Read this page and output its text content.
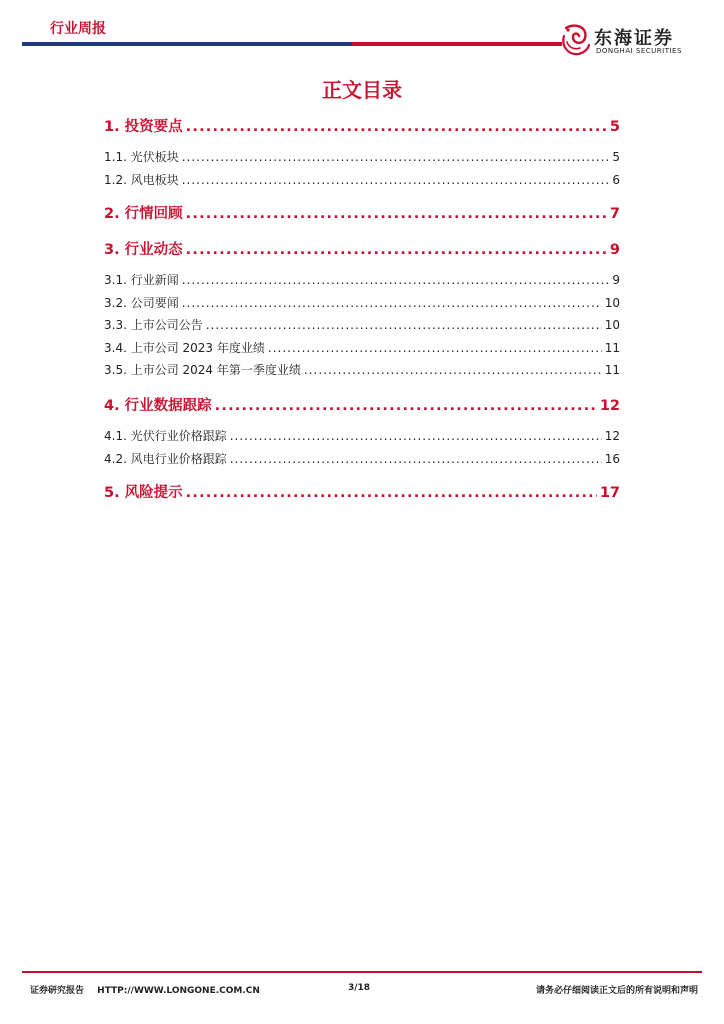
行业周报	东海证券
DONGHAI SECURITIES
正文目录
1. 投资要点 .....	5
1.1. 光伏板块 .....	5
1.2. 风电板块 .....	6
2. 行情回顾 .....	7
3. 行业动态 .....	9
3.1. 行业新闻 .....	9
3.2. 公司要闻 .....	10
3.3. 上市公司公告 .....	10
3.4. 上市公司 2023 年度业绩 .....	11
3.5. 上市公司 2024 年第一季度业绩 .....	11
4. 行业数据跟踪 .....	12
4.1. 光伏行业价格跟踪 .....	12
4.2. 风电行业价格跟踪 .....	16
5. 风险提示 .....	17
证券研究报告 HTTP://WWW.LONGONE.COM.CN	3/18	请务必仔细阅读正文后的所有说明和声明
